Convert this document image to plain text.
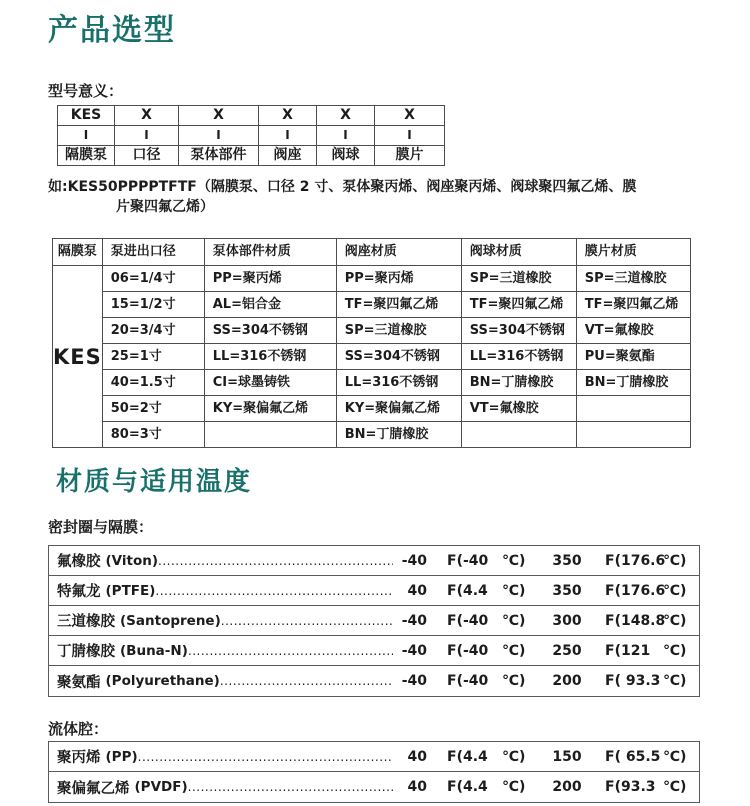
产品选型
型号意义：
KES	X	X	X	X	X
I	I	I	I	I	I
隔膜泵	口径	泵体部件	阀座	阀球	膜片
如:KES50PPPPTFTF（隔膜泵、口径 2 寸、泵体聚丙烯、阀座聚丙烯、阀球聚四氟乙烯、膜
片聚四氟乙烯）
隔膜泵	泵进出口径	泵体部件材质	阀座材质	阀球材质	膜片材质
KES	06=1/4寸	PP=聚丙烯	PP=聚丙烯	SP=三道橡胶	SP=三道橡胶
	15=1/2寸	AL=铝合金	TF=聚四氟乙烯	TF=聚四氟乙烯	TF=聚四氟乙烯
	20=3/4寸	SS=304不锈钢	SP=三道橡胶	SS=304不锈钢	VT=氟橡胶
	25=1寸	LL=316不锈钢	SS=304不锈钢	LL=316不锈钢	PU=聚氨酯
	40=1.5寸	CI=球墨铸铁	LL=316不锈钢	BN=丁腈橡胶	BN=丁腈橡胶
	50=2寸	KY=聚偏氟乙烯	KY=聚偏氟乙烯	VT=氟橡胶	
	80=3寸		BN=丁腈橡胶		
材质与适用温度
密封圈与隔膜：
氟橡胶 (Viton) .....	-40 F(-40 ℃)	350	F(176.6
℃)
特氟龙 (PTFE) .....	40 F(4.4	℃)	350	F(176.6
℃)
三道橡胶 (Santoprene) .....	-40 F(-40 ℃)	300	F(148.8
℃)
丁腈橡胶 (Buna-N) .....	-40 F(-40 ℃)	250	F(121 ℃)
聚氨酯 (Polyurethane) .....	-40 F(-40 ℃)	200	F( 93.3 ℃)
流体腔：
聚丙烯 (PP) .....	40 F(4.4	℃)	150	F( 65.5 ℃)
聚偏氟乙烯 (PVDF) .....	40 F(4.4	℃)	200	F(93.3 ℃)
